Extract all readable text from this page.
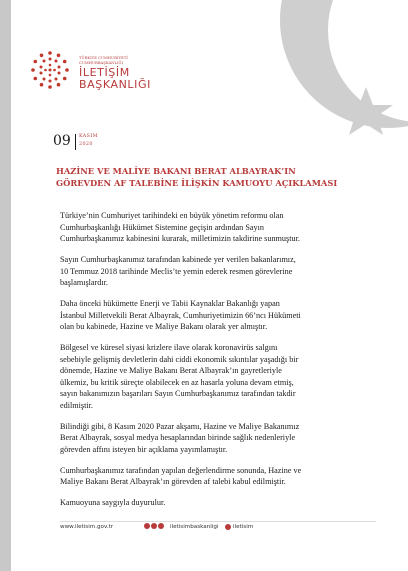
TÜRKİYE CUMHURİYETİ
CUMHURBAŞKANLIĞI
İLETİŞİM
BAŞKANLIĞI
09 KASIM
2020
HAZİNE VE MALİYE BAKANI BERAT ALBAYRAK’IN
GÖREVDEN AF TALEBİNE İLİŞKİN KAMUOYU AÇIKLAMASI

Türkiye’nin Cumhuriyet tarihindeki en büyük yönetim reformu olan
Cumhurbaşkanlığı Hükümet Sistemine geçişin ardından Sayın
Cumhurbaşkanımız kabinesini kurarak, milletimizin takdirine sunmuştur.

Sayın Cumhurbaşkanımız tarafından kabinede yer verilen bakanlarımız,
10 Temmuz 2018 tarihinde Meclis’te yemin ederek resmen görevlerine
başlamışlardır.

Daha önceki hükümette Enerji ve Tabii Kaynaklar Bakanlığı yapan
İstanbul Milletvekili Berat Albayrak, Cumhuriyetimizin 66’ncı Hükümeti
olan bu kabinede, Hazine ve Maliye Bakanı olarak yer almıştır.

Bölgesel ve küresel siyasi krizlere ilave olarak koronavirüs salgını
sebebiyle gelişmiş devletlerin dahi ciddi ekonomik sıkıntılar yaşadığı bir
dönemde, Hazine ve Maliye Bakanı Berat Albayrak’ın gayretleriyle
ülkemiz, bu kritik süreçte olabilecek en az hasarla yoluna devam etmiş,
sayın bakanımızın başarıları Sayın Cumhurbaşkanımız tarafından takdir
edilmiştir.

Bilindiği gibi, 8 Kasım 2020 Pazar akşamı, Hazine ve Maliye Bakanımız
Berat Albayrak, sosyal medya hesaplarından birinde sağlık nedenleriyle
görevden affını isteyen bir açıklama yayımlamıştır.

Cumhurbaşkanımız tarafından yapılan değerlendirme sonunda, Hazine ve
Maliye Bakanı Berat Albayrak’ın görevden af talebi kabul edilmiştir.

Kamuoyuna saygıyla duyurulur.

www.iletisim.gov.tr	iletisimbaskanligi	iletisim
